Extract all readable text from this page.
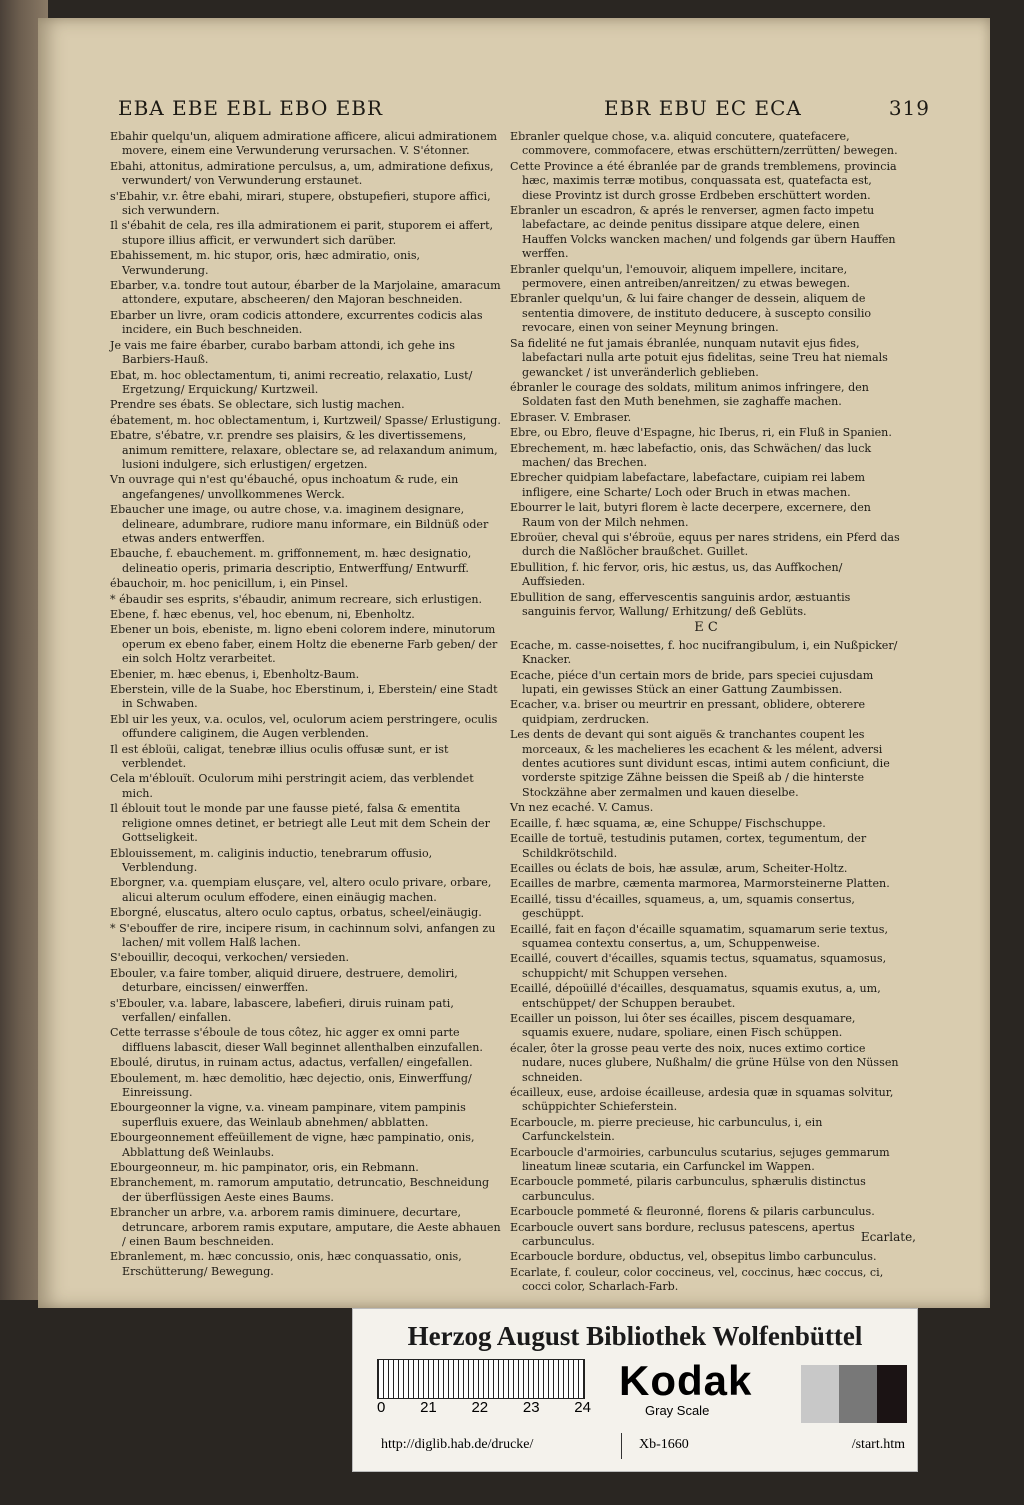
EBA EBE EBL EBO EBR	EBR EBU EC ECA	319

Ebahir quelqu'un, aliquem admiratione afficere, alicui admirationem movere, einem eine Verwunderung verursachen. V. S'étonner.

Ebahi, attonitus, admiratione perculsus, a, um, admiratione defixus, verwundert/ von Verwunderung erstaunet.

s'Ebahir, v.r. être ebahi, mirari, stupere, obstupefieri, stupore affici, sich verwundern.

Il s'ébahit de cela, res illa admirationem ei parit, stuporem ei affert, stupore illius afficit, er verwundert sich darüber.

Ebahissement, m. hic stupor, oris, hæc admiratio, onis, Verwunderung.

Ebarber, v.a. tondre tout autour, ébarber de la Marjolaine, amaracum attondere, exputare, abscheeren/ den Majoran beschneiden.

Ebarber un livre, oram codicis attondere, excurrentes codicis alas incidere, ein Buch beschneiden.

Je vais me faire ébarber, curabo barbam attondi, ich gehe ins Barbiers-Hauß.

Ebat, m. hoc oblectamentum, ti, animi recreatio, relaxatio, Lust/ Ergetzung/ Erquickung/ Kurtzweil.

Prendre ses ébats. Se oblectare, sich lustig machen.

ébatement, m. hoc oblectamentum, i, Kurtzweil/ Spasse/ Erlustigung.

Ebatre, s'ébatre, v.r. prendre ses plaisirs, & les divertissemens, animum remittere, relaxare, oblectare se, ad relaxandum animum, lusioni indulgere, sich erlustigen/ ergetzen.

Vn ouvrage qui n'est qu'ébauché, opus inchoatum & rude, ein angefangenes/ unvollkommenes Werck.

Ebaucher une image, ou autre chose, v.a. imaginem designare, delineare, adumbrare, rudiore manu informare, ein Bildnüß oder etwas anders entwerffen.

Ebauche, f. ebauchement. m. griffonnement, m. hæc designatio, delineatio operis, primaria descriptio, Entwerffung/ Entwurff.

ébauchoir, m. hoc penicillum, i, ein Pinsel.

* ébaudir ses esprits, s'ébaudir, animum recreare, sich erlustigen.

Ebene, f. hæc ebenus, vel, hoc ebenum, ni, Ebenholtz.

Ebener un bois, ebeniste, m. ligno ebeni colorem indere, minutorum operum ex ebeno faber, einem Holtz die ebenerne Farb geben/ der ein solch Holtz verarbeitet.

Ebenier, m. hæc ebenus, i, Ebenholtz-Baum.

Eberstein, ville de la Suabe, hoc Eberstinum, i, Eberstein/ eine Stadt in Schwaben.

Ebl uir les yeux, v.a. oculos, vel, oculorum aciem perstringere, oculis offundere caliginem, die Augen verblenden.

Il est ébloüi, caligat, tenebræ illius oculis offusæ sunt, er ist verblendet.

Cela m'éblouït. Oculorum mihi perstringit aciem, das verblendet mich.

Il éblouit tout le monde par une fausse pieté, falsa & ementita religione omnes detinet, er betriegt alle Leut mit dem Schein der Gottseligkeit.

Eblouissement, m. caliginis inductio, tenebrarum offusio, Verblendung.

Eborgner, v.a. quempiam elusçare, vel, altero oculo privare, orbare, alicui alterum oculum effodere, einen einäugig machen.

Eborgné, eluscatus, altero oculo captus, orbatus, scheel/einäugig.

* S'ebouffer de rire, incipere risum, in cachinnum solvi, anfangen zu lachen/ mit vollem Halß lachen.

S'ebouillir, decoqui, verkochen/ versieden.

Ebouler, v.a faire tomber, aliquid diruere, destruere, demoliri, deturbare, eincissen/ einwerffen.

s'Ebouler, v.a. labare, labascere, labefieri, diruis ruinam pati, verfallen/ einfallen.

Cette terrasse s'éboule de tous côtez, hic agger ex omni parte diffluens labascit, dieser Wall beginnet allenthalben einzufallen.

Eboulé, dirutus, in ruinam actus, adactus, verfallen/ eingefallen.

Eboulement, m. hæc demolitio, hæc dejectio, onis, Einwerffung/ Einreissung.

Ebourgeonner la vigne, v.a. vineam pampinare, vitem pampinis superfluis exuere, das Weinlaub abnehmen/ abblatten.

Ebourgeonnement effeüillement de vigne, hæc pampinatio, onis, Abblattung deß Weinlaubs.

Ebourgeonneur, m. hic pampinator, oris, ein Rebmann.

Ebranchement, m. ramorum amputatio, detruncatio, Beschneidung der überflüssigen Aeste eines Baums.

Ebrancher un arbre, v.a. arborem ramis diminuere, decurtare, detruncare, arborem ramis exputare, amputare, die Aeste abhauen / einen Baum beschneiden.

Ebranlement, m. hæc concussio, onis, hæc conquassatio, onis, Erschütterung/ Bewegung.

Ebranler quelque chose, v.a. aliquid concutere, quatefacere, commovere, commofacere, etwas erschüttern/zerrütten/ bewegen.

Cette Province a été ébranlée par de grands tremblemens, provincia hæc, maximis terræ motibus, conquassata est, quatefacta est, diese Provintz ist durch grosse Erdbeben erschüttert worden.

Ebranler un escadron, & aprés le renverser, agmen facto impetu labefactare, ac deinde penitus dissipare atque delere, einen Hauffen Volcks wancken machen/ und folgends gar übern Hauffen werffen.

Ebranler quelqu'un, l'emouvoir, aliquem impellere, incitare, permovere, einen antreiben/anreitzen/ zu etwas bewegen.

Ebranler quelqu'un, & lui faire changer de dessein, aliquem de sententia dimovere, de instituto deducere, à suscepto consilio revocare, einen von seiner Meynung bringen.

Sa fidelité ne fut jamais ébranlée, nunquam nutavit ejus fides, labefactari nulla arte potuit ejus fidelitas, seine Treu hat niemals gewancket / ist unveränderlich geblieben.

ébranler le courage des soldats, militum animos infringere, den Soldaten fast den Muth benehmen, sie zaghaffe machen.

Ebraser. V. Embraser.

Ebre, ou Ebro, fleuve d'Espagne, hic Iberus, ri, ein Fluß in Spanien.

Ebrechement, m. hæc labefactio, onis, das Schwächen/ das luck machen/ das Brechen.

Ebrecher quidpiam labefactare, labefactare, cuipiam rei labem infligere, eine Scharte/ Loch oder Bruch in etwas machen.

Ebourrer le lait, butyri florem è lacte decerpere, excernere, den Raum von der Milch nehmen.

Ebroüer, cheval qui s'ébroüe, equus per nares stridens, ein Pferd das durch die Naßlöcher braußchet. Guillet.

Ebullition, f. hic fervor, oris, hic æstus, us, das Auffkochen/ Auffsieden.

Ebullition de sang, effervescentis sanguinis ardor, æstuantis sanguinis fervor, Wallung/ Erhitzung/ deß Geblüts.

E C

Ecache, m. casse-noisettes, f. hoc nucifrangibulum, i, ein Nußpicker/ Knacker.

Ecache, piéce d'un certain mors de bride, pars speciei cujusdam lupati, ein gewisses Stück an einer Gattung Zaumbissen.

Ecacher, v.a. briser ou meurtrir en pressant, oblidere, obterere quidpiam, zerdrucken.

Les dents de devant qui sont aiguës & tranchantes coupent les morceaux, & les machelieres les ecachent & les mélent, adversi dentes acutiores sunt dividunt escas, intimi autem conficiunt, die vorderste spitzige Zähne beissen die Speiß ab / die hinterste Stockzähne aber zermalmen und kauen dieselbe.

Vn nez ecaché. V. Camus.

Ecaille, f. hæc squama, æ, eine Schuppe/ Fischschuppe.

Ecaille de tortuë, testudinis putamen, cortex, tegumentum, der Schildkrötschild.

Ecailles ou éclats de bois, hæ assulæ, arum, Scheiter-Holtz.

Ecailles de marbre, cæmenta marmorea, Marmorsteinerne Platten.

Ecaillé, tissu d'écailles, squameus, a, um, squamis consertus, geschüppt.

Ecaillé, fait en façon d'écaille squamatim, squamarum serie textus, squamea contextu consertus, a, um, Schuppenweise.

Ecaillé, couvert d'écailles, squamis tectus, squamatus, squamosus, schuppicht/ mit Schuppen versehen.

Ecaillé, dépoüillé d'écailles, desquamatus, squamis exutus, a, um, entschüppet/ der Schuppen beraubet.

Ecailler un poisson, lui ôter ses écailles, piscem desquamare, squamis exuere, nudare, spoliare, einen Fisch schüppen.

écaler, ôter la grosse peau verte des noix, nuces extimo cortice nudare, nuces glubere, Nußhalm/ die grüne Hülse von den Nüssen schneiden.

écailleux, euse, ardoise écailleuse, ardesia quæ in squamas solvitur, schüppichter Schieferstein.

Ecarboucle, m. pierre precieuse, hic carbunculus, i, ein Carfunckelstein.

Ecarboucle d'armoiries, carbunculus scutarius, sejuges gemmarum lineatum lineæ scutaria, ein Carfunckel im Wappen.

Ecarboucle pommeté, pilaris carbunculus, sphærulis distinctus carbunculus.

Ecarboucle pommeté & fleuronné, florens & pilaris carbunculus.

Ecarboucle ouvert sans bordure, reclusus patescens, apertus carbunculus.

Ecarboucle bordure, obductus, vel, obsepitus limbo carbunculus.

Ecarlate, f. couleur, color coccineus, vel, coccinus, hæc coccus, ci, cocci color, Scharlach-Farb.

Ecarlate,
Herzog August Bibliothek Wolfenbüttel
0 21 22 23 24
Kodak
Gray Scale
http://diglib.hab.de/drucke/	Xb-1660	/start.htm
